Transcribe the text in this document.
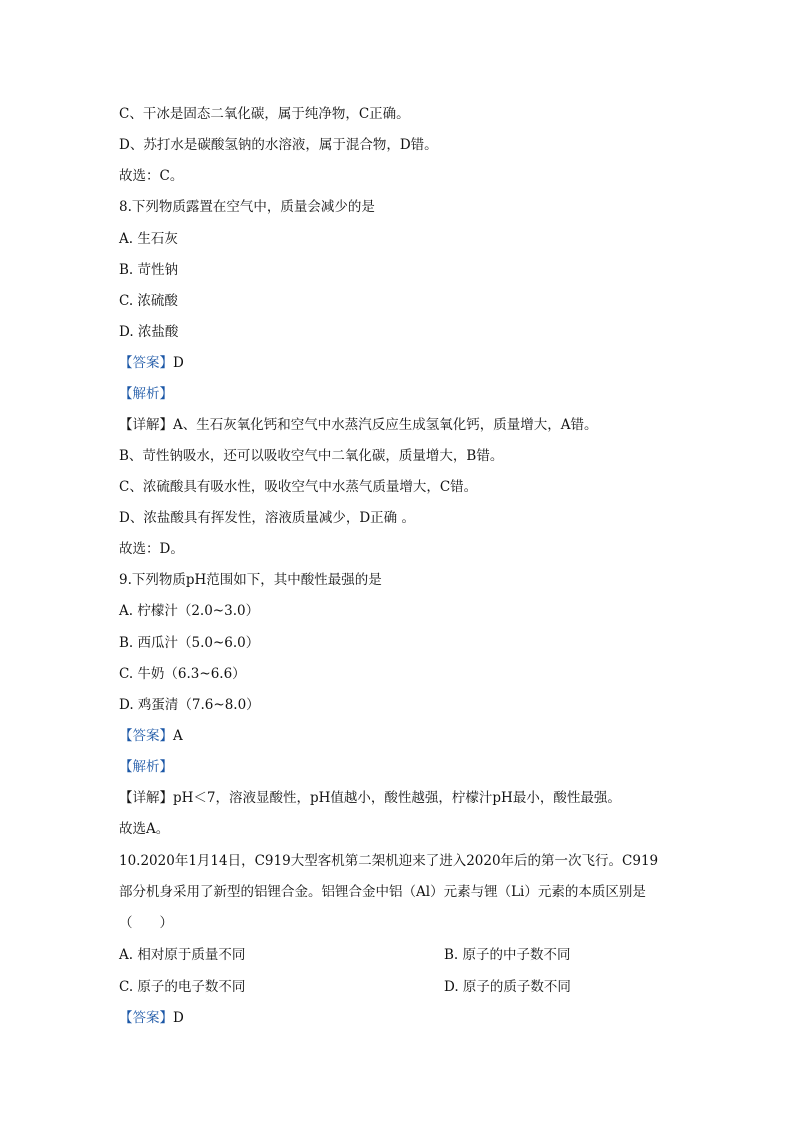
C、干冰是固态二氧化碳，属于纯净物，C正确。
D、苏打水是碳酸氢钠的水溶液，属于混合物，D错。
故选：C。
8.下列物质露置在空气中，质量会减少的是
A. 生石灰
B. 苛性钠
C. 浓硫酸
D. 浓盐酸
【答案】D
【解析】
【详解】A、生石灰氧化钙和空气中水蒸汽反应生成氢氧化钙，质量增大，A错。
B、苛性钠吸水，还可以吸收空气中二氧化碳，质量增大，B错。
C、浓硫酸具有吸水性，吸收空气中水蒸气质量增大，C错。
D、浓盐酸具有挥发性，溶液质量减少，D正确 。
故选：D。
9.下列物质pH范围如下，其中酸性最强的是
A. 柠檬汁（2.0~3.0）
B. 西瓜汁（5.0~6.0）
C. 牛奶（6.3~6.6）
D. 鸡蛋清（7.6~8.0）
【答案】A
【解析】
【详解】pH＜7，溶液显酸性，pH值越小，酸性越强，柠檬汁pH最小，酸性最强。
故选A。
10.2020年1月14日，C919大型客机第二架机迎来了进入2020年后的第一次飞行。C919
部分机身采用了新型的铝锂合金。铝锂合金中铝（Al）元素与锂（Li）元素的本质区别是
（　　）
A. 相对原于质量不同	B. 原子的中子数不同
C. 原子的电子数不同	D. 原子的质子数不同
【答案】D
